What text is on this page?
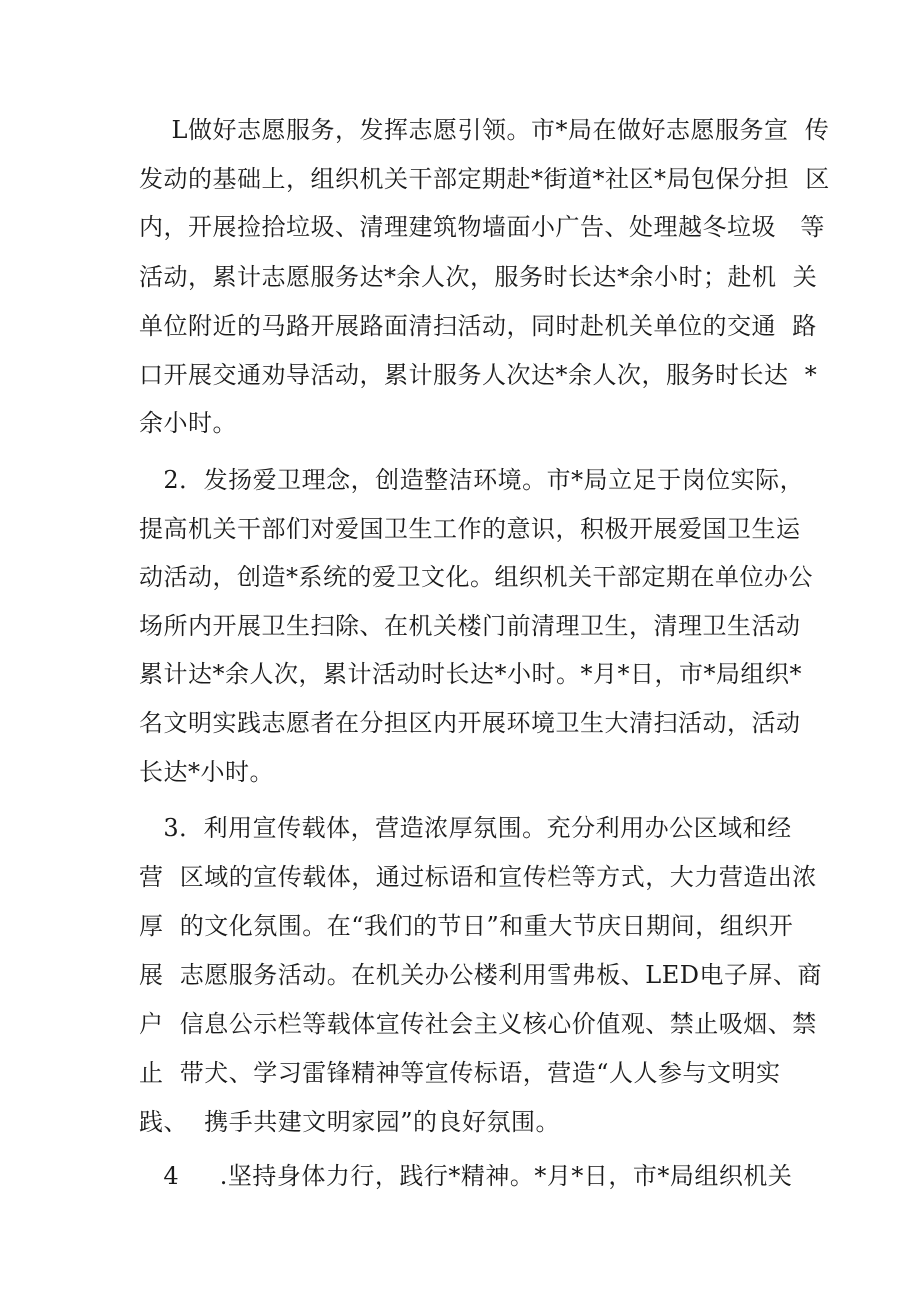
L做好志愿服务，发挥志愿引领。市*局在做好志愿服务宣  传
发动的基础上，组织机关干部定期赴*街道*社区*局包保分担  区
内，开展捡拾垃圾、清理建筑物墙面小广告、处理越冬垃圾   等
活动，累计志愿服务达*余人次，服务时长达*余小时；赴机  关
单位附近的马路开展路面清扫活动，同时赴机关单位的交通  路
口开展交通劝导活动，累计服务人次达*余人次，服务时长达  *
余小时。
2．发扬爱卫理念，创造整洁环境。市*局立足于岗位实际，
提高机关干部们对爱国卫生工作的意识，积极开展爱国卫生运
动活动，创造*系统的爱卫文化。组织机关干部定期在单位办公
场所内开展卫生扫除、在机关楼门前清理卫生，清理卫生活动
累计达*余人次，累计活动时长达*小时。*月*日，市*局组织*
名文明实践志愿者在分担区内开展环境卫生大清扫活动，活动
长达*小时。
3．利用宣传载体，营造浓厚氛围。充分利用办公区域和经
营  区域的宣传载体，通过标语和宣传栏等方式，大力营造出浓
厚  的文化氛围。在“我们的节日”和重大节庆日期间，组织开
展  志愿服务活动。在机关办公楼利用雪弗板、LED电子屏、商
户  信息公示栏等载体宣传社会主义核心价值观、禁止吸烟、禁
止  带犬、学习雷锋精神等宣传标语，营造“人人参与文明实
践、  携手共建文明家园”的良好氛围。
4     .坚持身体力行，践行*精神。*月*日，市*局组织机关
